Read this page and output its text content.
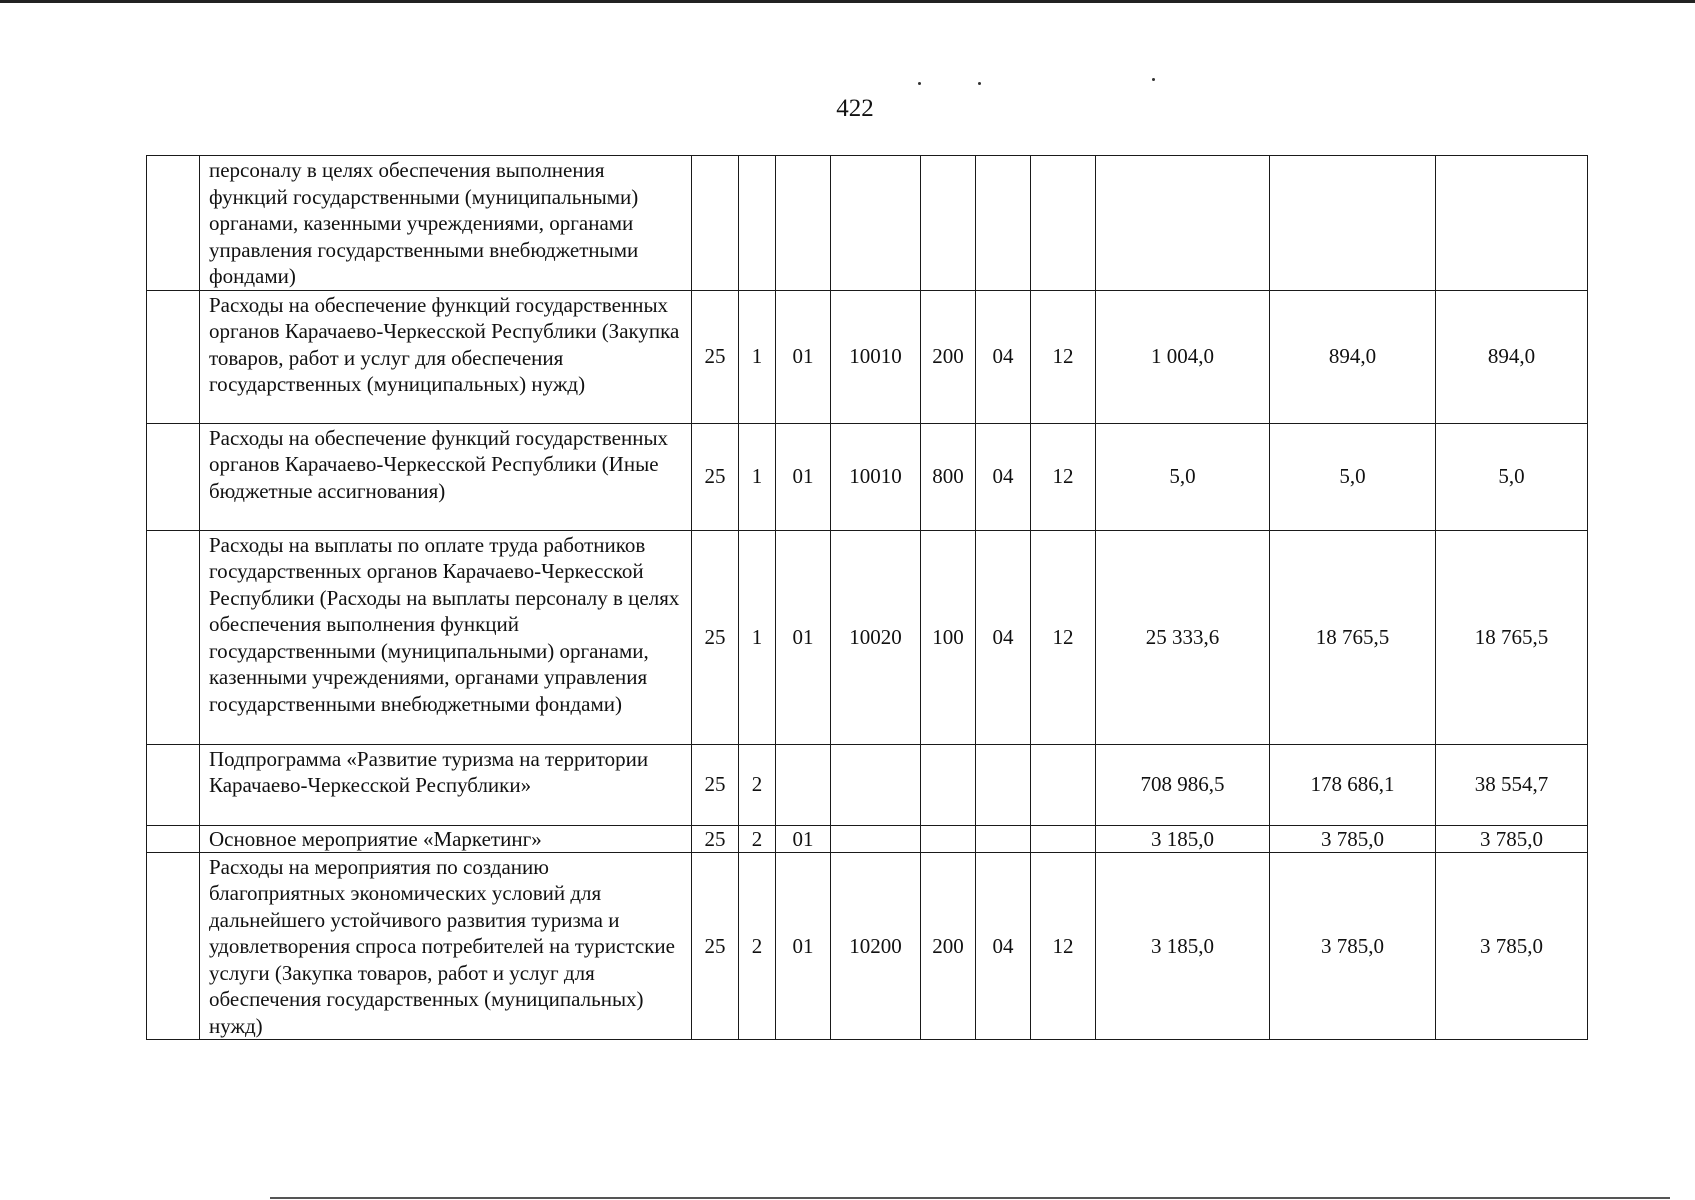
422
	персоналу в целях обеспечения выполнения функций государственными (муниципальными) органами, казенными учреждениями, органами управления государственными внебюджетными фондами)										
	Расходы на обеспечение функций государственных органов Карачаево-Черкесской Республики (Закупка товаров, работ и услуг для обеспечения государственных (муниципальных) нужд)	25	1	01	10010	200	04	12	1 004,0	894,0	894,0
	Расходы на обеспечение функций государственных органов Карачаево-Черкесской Республики (Иные бюджетные ассигнования)	25	1	01	10010	800	04	12	5,0	5,0	5,0
	Расходы на выплаты по оплате труда работников государственных органов Карачаево-Черкесской Республики (Расходы на выплаты персоналу в целях обеспечения выполнения функций государственными (муниципальными) органами, казенными учреждениями, органами управления государственными внебюджетными фондами)	25	1	01	10020	100	04	12	25 333,6	18 765,5	18 765,5
	Подпрограмма «Развитие туризма на территории Карачаево-Черкесской Республики»	25	2						708 986,5	178 686,1	38 554,7
	Основное мероприятие «Маркетинг»	25	2	01					3 185,0	3 785,0	3 785,0
	Расходы на мероприятия по созданию благоприятных экономических условий для дальнейшего устойчивого развития туризма и удовлетворения спроса потребителей на туристские услуги (Закупка товаров, работ и услуг для обеспечения государственных (муниципальных) нужд)	25	2	01	10200	200	04	12	3 185,0	3 785,0	3 785,0
